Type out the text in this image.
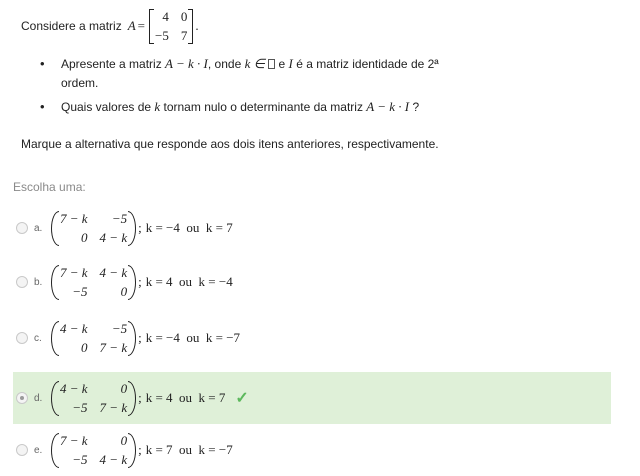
Considere a matriz A =
4 0
−5 7
.
•	Apresente a matriz A − k · I, onde k ∈  e I é a matriz identidade de 2ª
ordem.
•	Quais valores de k tornam nulo o determinante da matriz A − k · I ?
Marque a alternativa que responde aos dois itens anteriores, respectivamente.
Escolha uma:
a.
7 − k	−5
0 4 − k
; k = −4  ou  k = 7
b.
7 − k 4 − k
−5	0
; k = 4  ou  k = −4
c.
4 − k	−5
0 7 − k
; k = −4  ou  k = −7
d.
4 − k	0
−5 7 − k
; k = 4  ou  k = 7 ✓
e.
7 − k	0
−5 4 − k
; k = 7  ou  k = −7
